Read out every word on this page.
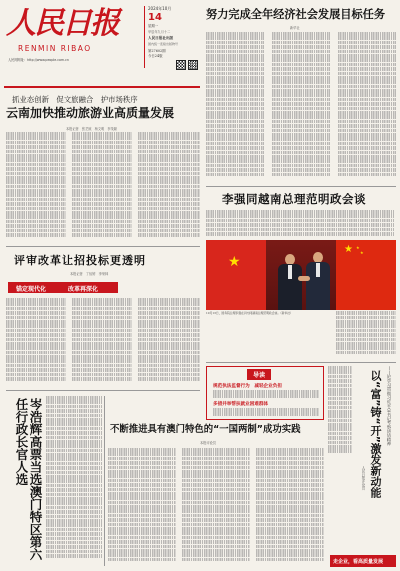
人民日报
RENMIN RIBAO
人民网网址：http://www.people.com.cn
2024年10月
14
星期一
甲辰年九月十二
人民日报社出版
国内统一连续出版物号
第27602期
今日24版
努力完成全年经济社会发展目标任务
新华社
抓业态创新　促文旅融合　护市场秩序
云南加快推动旅游业高质量发展
本报记者　张艺琼　杨文明　李茂颖
评审改革让招投标更透明
本报记者　丁怡婷　李荣林
锚定现代化	改革再深化
李强同越南总理范明政会谈
★
★ ★
★
10月13日，国务院总理李强在河内同越南总理范明政会谈。（新华社）
导读
规范执法监督行为　减轻企业负担
多措并举帮扶就业困难群体	——论学习贯彻习近平总书记考察讲话精神
以“富”铸“开”激发新动能
人民日报评论员
岑浩辉高票当选澳门特区第六任行政长官人选	不断推进具有澳门特色的“一国两制”成功实践
本报评论员
走企业，看高质量发展
